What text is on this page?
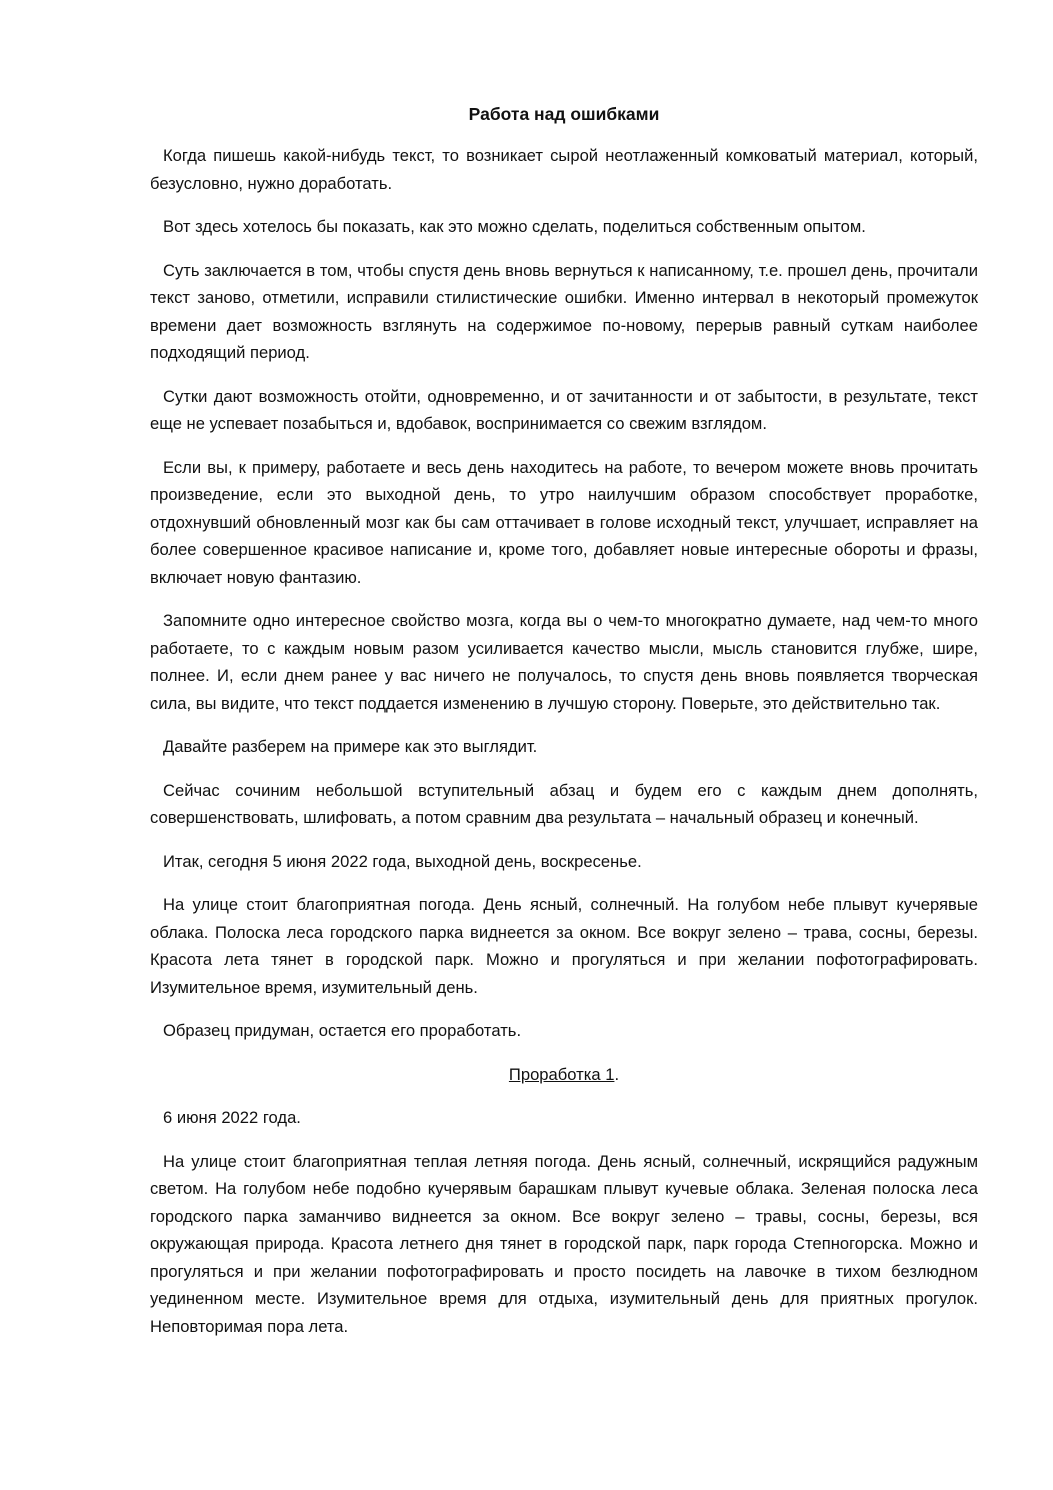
Работа над ошибками

Когда пишешь какой-нибудь текст, то возникает сырой неотлаженный комковатый материал, который, безусловно, нужно доработать.

Вот здесь хотелось бы показать, как это можно сделать, поделиться собственным опытом.

Суть заключается в том, чтобы спустя день вновь вернуться к написанному, т.е. прошел день, прочитали текст заново, отметили, исправили стилистические ошибки. Именно интервал в некоторый промежуток времени дает возможность взглянуть на содержимое по-новому, перерыв равный суткам наиболее подходящий период.

Сутки дают возможность отойти, одновременно, и от зачитанности и от забытости, в результате, текст еще не успевает позабыться и, вдобавок, воспринимается со свежим взглядом.

Если вы, к примеру, работаете и весь день находитесь на работе, то вечером можете вновь прочитать произведение, если это выходной день, то утро наилучшим образом способствует проработке, отдохнувший обновленный мозг как бы сам оттачивает в голове исходный текст, улучшает, исправляет на более совершенное красивое написание и, кроме того, добавляет новые интересные обороты и фразы, включает новую фантазию.

Запомните одно интересное свойство мозга, когда вы о чем-то многократно думаете, над чем-то много работаете, то с каждым новым разом усиливается качество мысли, мысль становится глубже, шире, полнее. И, если днем ранее у вас ничего не получалось, то спустя день вновь появляется творческая сила, вы видите, что текст поддается изменению в лучшую сторону. Поверьте, это действительно так.

Давайте разберем на примере как это выглядит.

Сейчас сочиним небольшой вступительный абзац и будем его с каждым днем дополнять, совершенствовать, шлифовать, а потом сравним два результата – начальный образец и конечный.

Итак, сегодня 5 июня 2022 года, выходной день, воскресенье.

На улице стоит благоприятная погода. День ясный, солнечный. На голубом небе плывут кучерявые облака. Полоска леса городского парка виднеется за окном. Все вокруг зелено – трава, сосны, березы. Красота лета тянет в городской парк. Можно и прогуляться и при желании пофотографировать. Изумительное время, изумительный день.

Образец придуман, остается его проработать.

Проработка 1.

6 июня 2022 года.

На улице стоит благоприятная теплая летняя погода. День ясный, солнечный, искрящийся радужным светом. На голубом небе подобно кучерявым барашкам плывут кучевые облака. Зеленая полоска леса городского парка заманчиво виднеется за окном. Все вокруг зелено – травы, сосны, березы, вся окружающая природа. Красота летнего дня тянет в городской парк, парк города Степногорска. Можно и прогуляться и при желании пофотографировать и просто посидеть на лавочке в тихом безлюдном уединенном месте. Изумительное время для отдыха, изумительный день для приятных прогулок. Неповторимая пора лета.
